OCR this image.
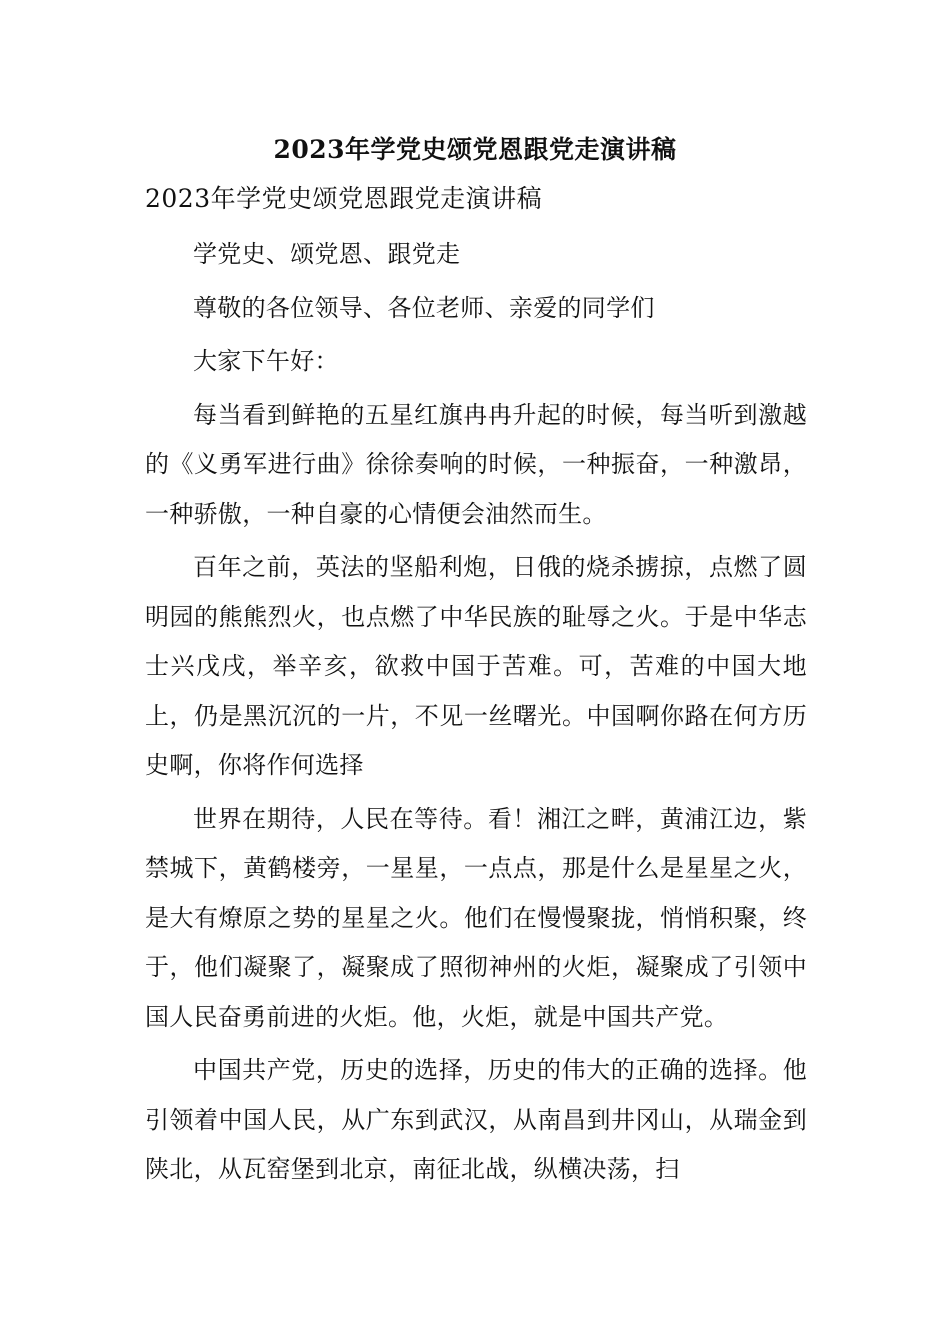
2023年学党史颂党恩跟党走演讲稿

2023年学党史颂党恩跟党走演讲稿

学党史、颂党恩、跟党走

尊敬的各位领导、各位老师、亲爱的同学们

大家下午好：

每当看到鲜艳的五星红旗冉冉升起的时候，每当听到激越的《义勇军进行曲》徐徐奏响的时候，一种振奋，一种激昂，一种骄傲，一种自豪的心情便会油然而生。

百年之前，英法的坚船利炮，日俄的烧杀掳掠，点燃了圆明园的熊熊烈火，也点燃了中华民族的耻辱之火。于是中华志士兴戊戌，举辛亥，欲救中国于苦难。可，苦难的中国大地上，仍是黑沉沉的一片，不见一丝曙光。中国啊你路在何方历史啊，你将作何选择

世界在期待，人民在等待。看！湘江之畔，黄浦江边，紫禁城下，黄鹤楼旁，一星星，一点点，那是什么是星星之火，是大有燎原之势的星星之火。他们在慢慢聚拢，悄悄积聚，终于，他们凝聚了，凝聚成了照彻神州的火炬，凝聚成了引领中国人民奋勇前进的火炬。他，火炬，就是中国共产党。

中国共产党，历史的选择，历史的伟大的正确的选择。他引领着中国人民，从广东到武汉，从南昌到井冈山，从瑞金到陕北，从瓦窑堡到北京，南征北战，纵横决荡，扫
